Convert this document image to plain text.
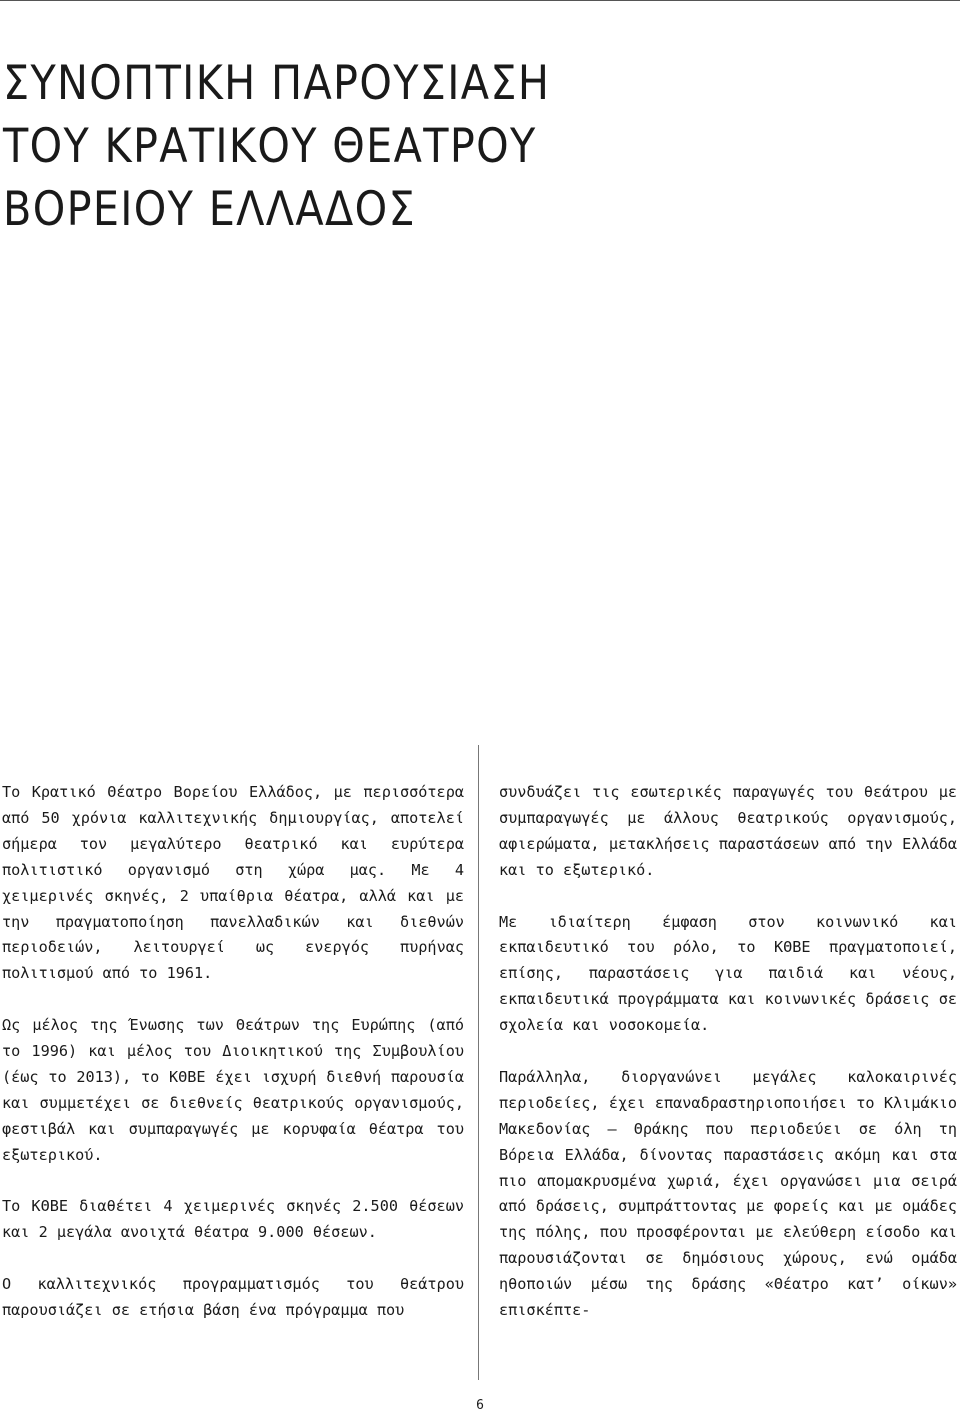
ΣΥΝΟΠΤΙΚΗ ΠΑΡΟΥΣΙΑΣΗ
ΤΟΥ ΚΡΑΤΙΚΟΥ ΘΕΑΤΡΟΥ
ΒΟΡΕΙΟΥ ΕΛΛΑΔΟΣ

Το Κρατικό Θέατρο Βορείου Ελλάδος, με περισσότερα από 50 χρόνια καλλιτεχνικής δημιουργίας, αποτελεί σήμερα τον μεγαλύτερο θεατρικό και ευρύτερα πολιτιστικό οργανισμό στη χώρα μας. Με 4 χειμερινές σκηνές, 2 υπαίθρια θέατρα, αλλά και με την πραγματοποίηση πανελλαδικών και διεθνών περιοδειών, λειτουργεί ως ενεργός πυρήνας πολιτισμού από το 1961.

Ως μέλος της Ένωσης των Θεάτρων της Ευρώπης (από το 1996) και μέλος του Διοικητικού της Συμβουλίου (έως το 2013), το ΚΘΒΕ έχει ισχυρή διεθνή παρουσία και συμμετέχει σε διεθνείς θεατρικούς οργανισμούς, φεστιβάλ και συμπαραγωγές με κορυφαία θέατρα του εξωτερικού.

Το ΚΘΒΕ διαθέτει 4 χειμερινές σκηνές 2.500 θέσεων και 2 μεγάλα ανοιχτά θέατρα 9.000 θέσεων.

Ο καλλιτεχνικός προγραμματισμός του θεάτρου παρουσιάζει σε ετήσια βάση ένα πρόγραμμα που

συνδυάζει τις εσωτερικές παραγωγές του θεάτρου με συμπαραγωγές με άλλους θεατρικούς οργανισμούς, αφιερώματα, μετακλήσεις παραστάσεων από την Ελλάδα και το εξωτερικό.

Με ιδιαίτερη έμφαση στον κοινωνικό και εκπαιδευτικό του ρόλο, το ΚΘΒΕ πραγματοποιεί, επίσης, παραστάσεις για παιδιά και νέους, εκπαιδευτικά προγράμματα και κοινωνικές δράσεις σε σχολεία και νοσοκομεία.

Παράλληλα, διοργανώνει μεγάλες καλοκαιρινές περιοδείες, έχει επαναδραστηριοποιήσει το Κλιμάκιο Μακεδονίας – Θράκης που περιοδεύει σε όλη τη Βόρεια Ελλάδα, δίνοντας παραστάσεις ακόμη και στα πιο απομακρυσμένα χωριά, έχει οργανώσει μια σειρά από δράσεις, συμπράττοντας με φορείς και με ομάδες της πόλης, που προσφέρονται με ελεύθερη είσοδο και παρουσιάζονται σε δημόσιους χώρους, ενώ ομάδα ηθοποιών μέσω της δράσης «Θέατρο κατ’ οίκων» επισκέπτε-

6
